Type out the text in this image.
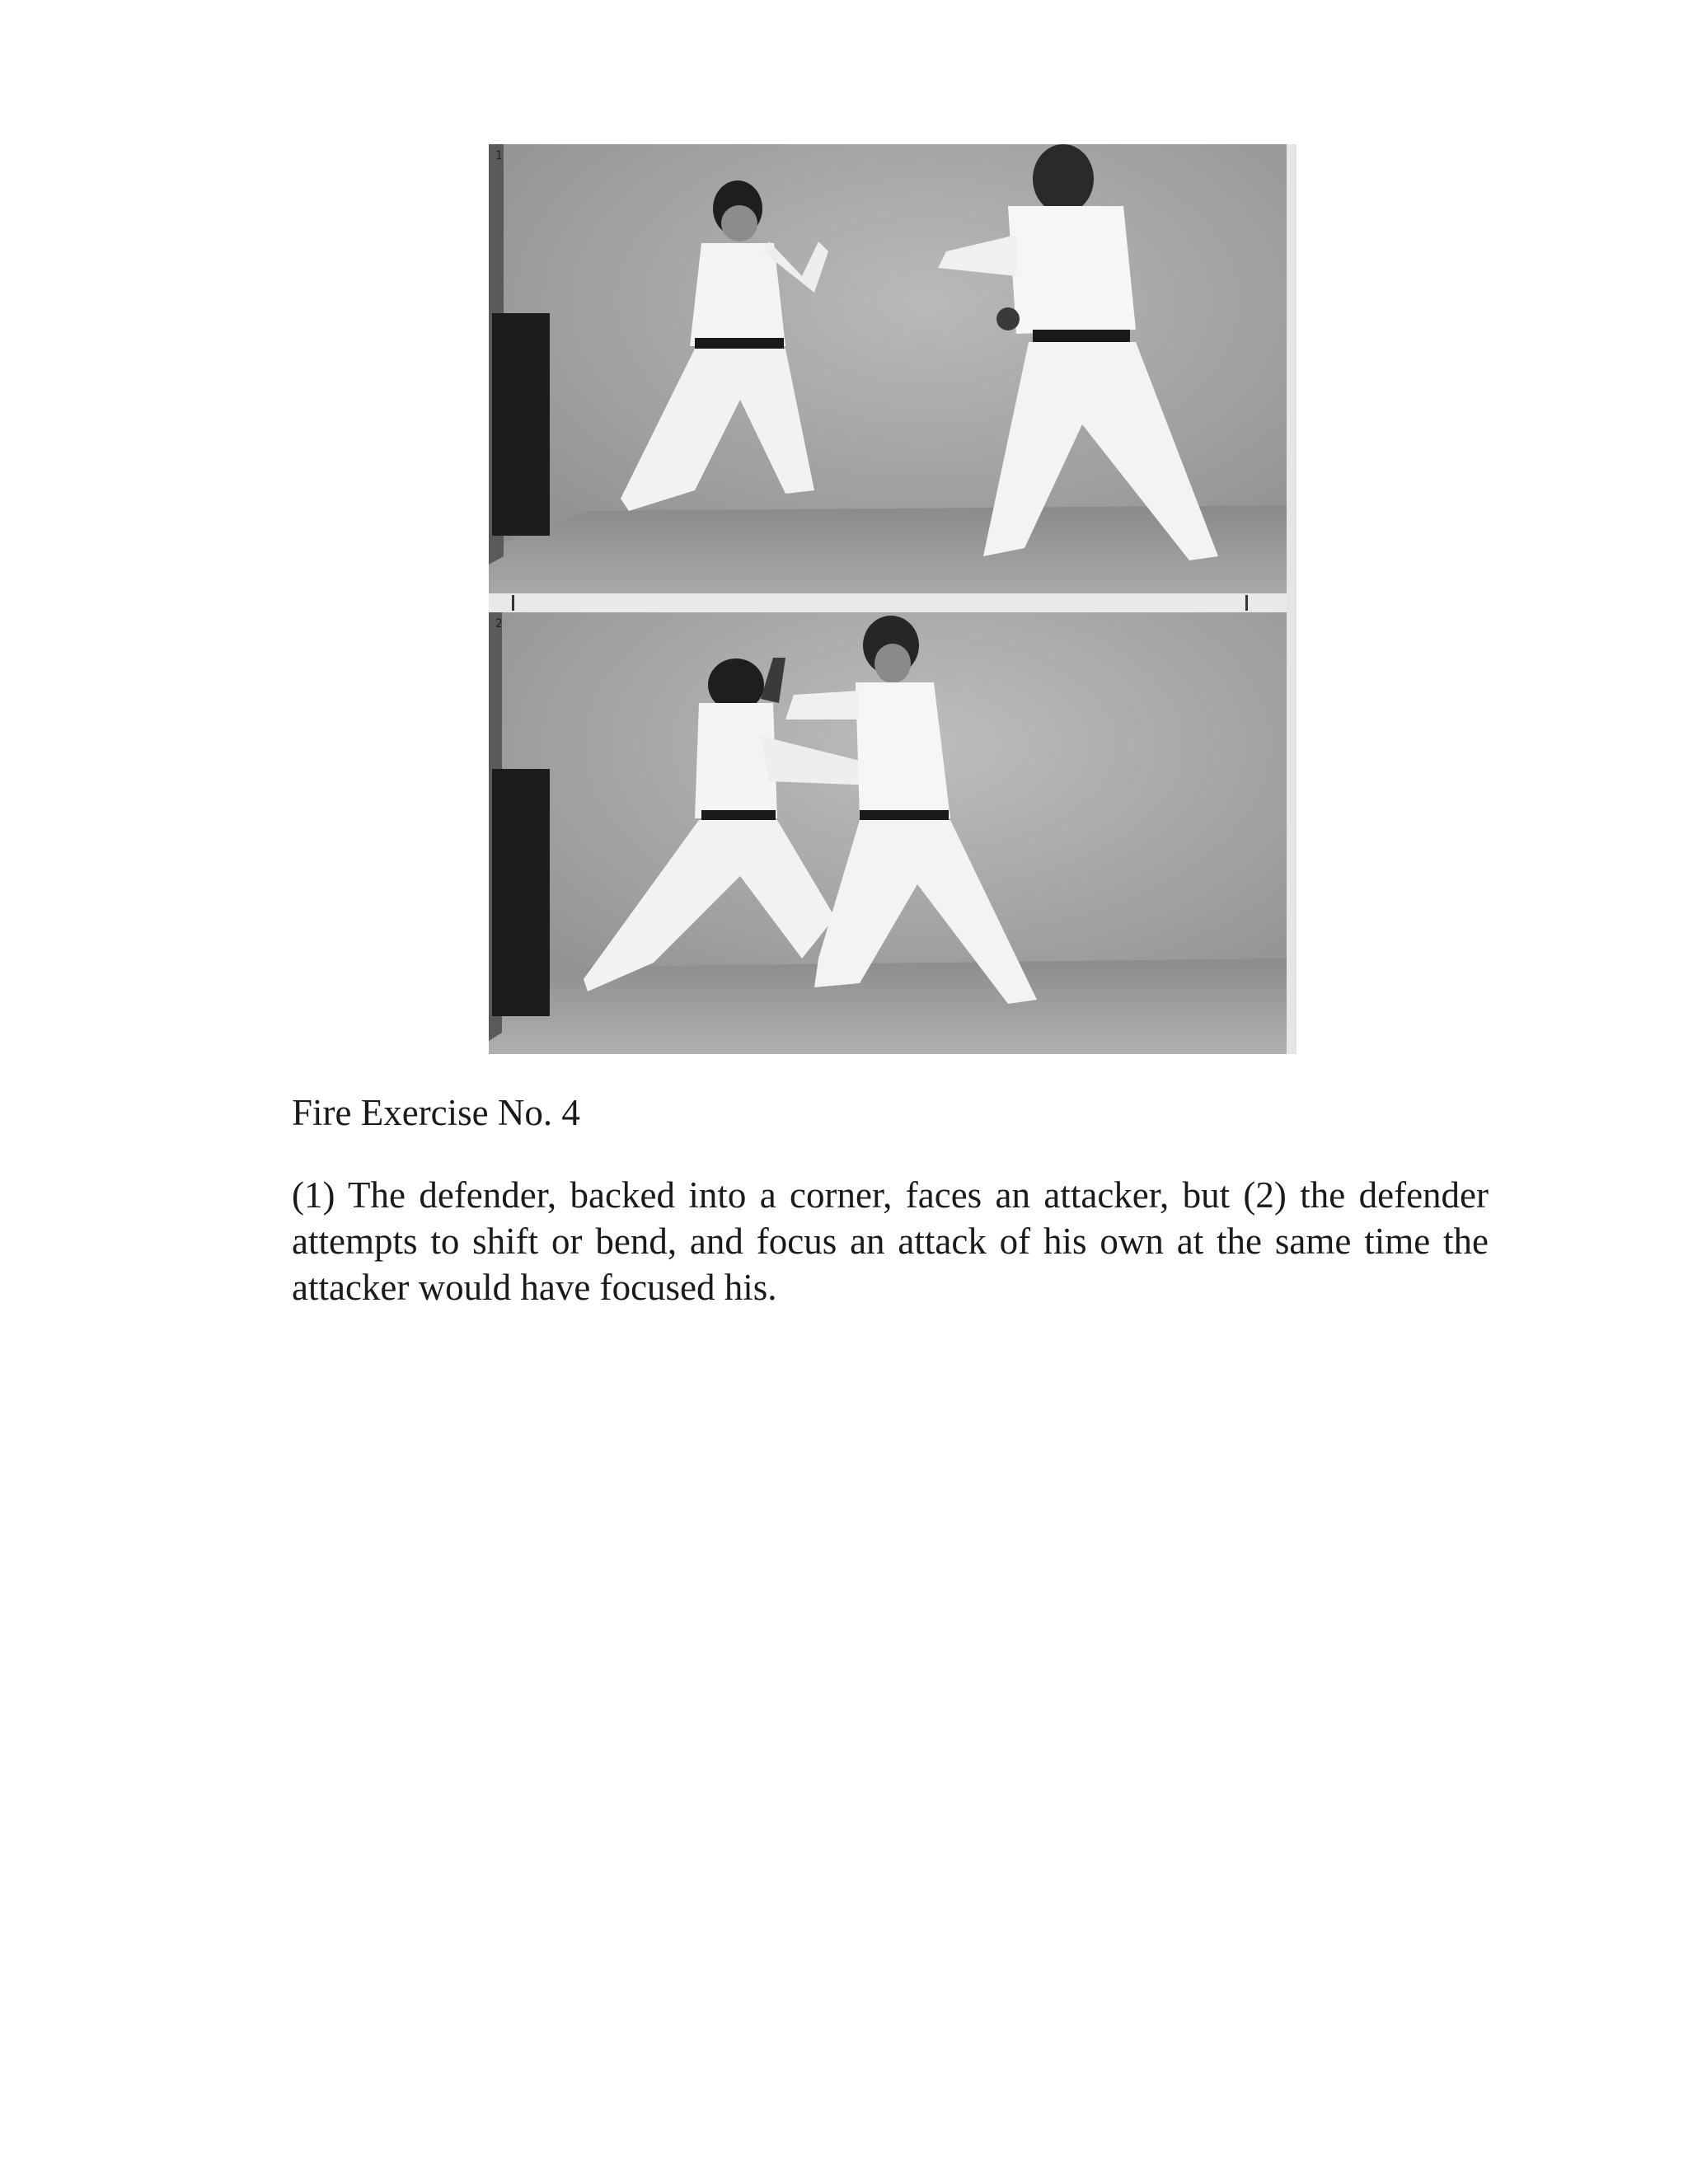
1
2

Fire Exercise No. 4

(1) The defender, backed into a corner, faces an attacker, but (2) the defender attempts to shift or bend, and focus an attack of his own at the same time the attacker would have focused his.
